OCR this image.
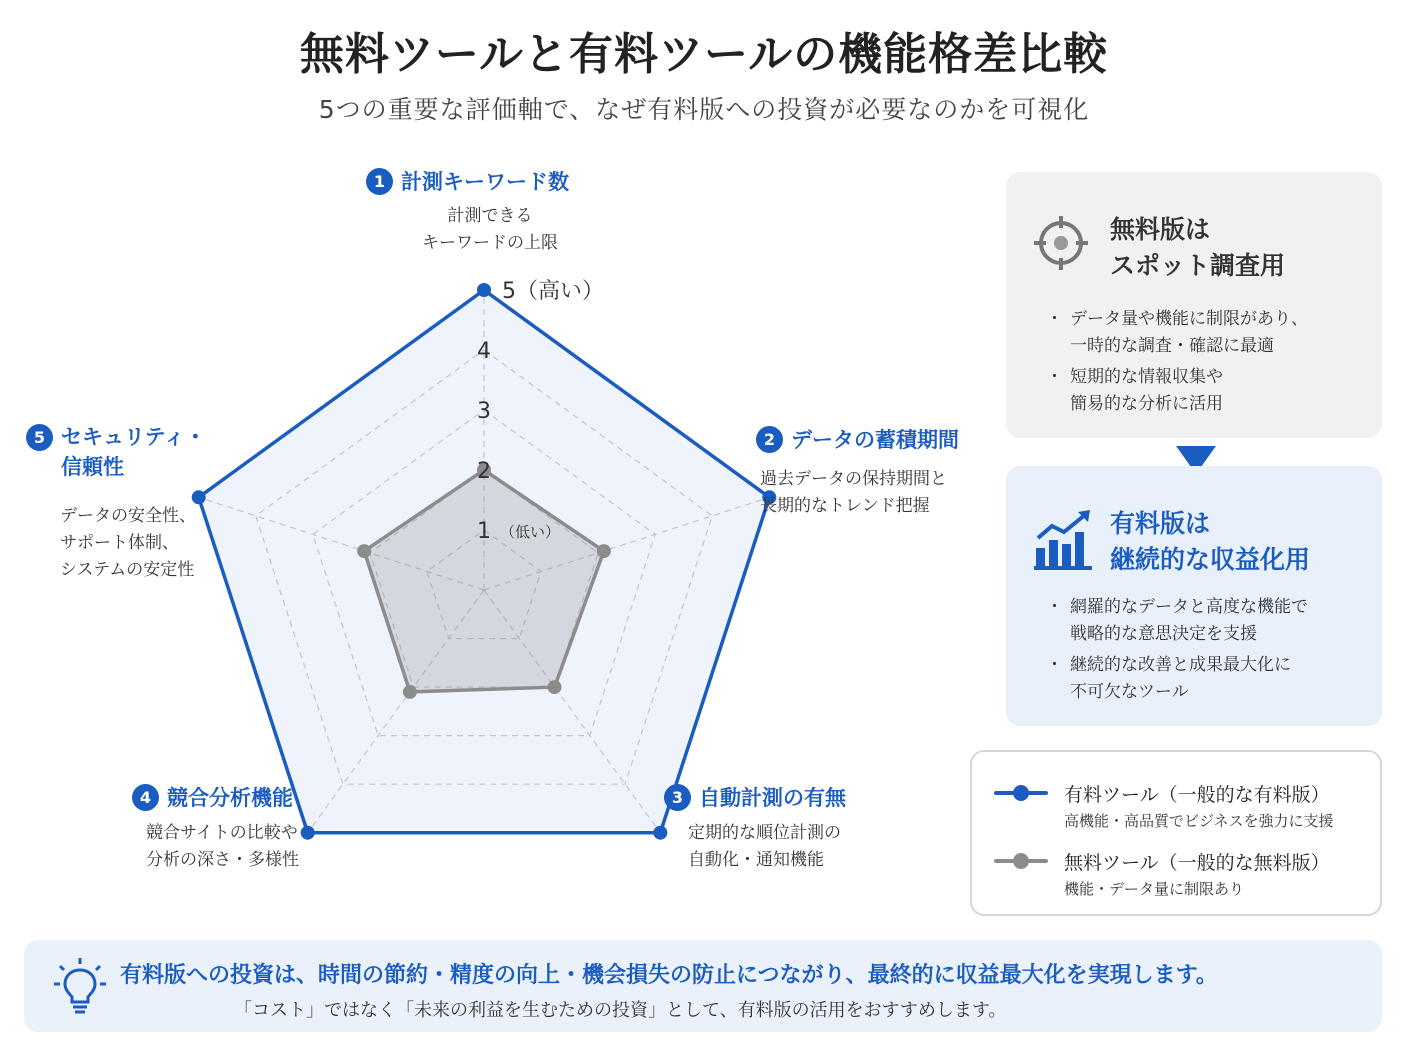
無料ツールと有料ツールの機能格差比較
5つの重要な評価軸で、なぜ有料版への投資が必要なのかを可視化
1 （低い）
2
3
4
5（高い）
1 計測キーワード数
計測できる
キーワードの上限
2 データの蓄積期間
過去データの保持期間と
長期的なトレンド把握
3 自動計測の有無
定期的な順位計測の
自動化・通知機能
4 競合分析機能
競合サイトの比較や
分析の深さ・多様性
5 セキュリティ・
信頼性
データの安全性、
サポート体制、
システムの安定性
無料版は
スポット調査用
・ データ量や機能に制限があり、
一時的な調査・確認に最適
・ 短期的な情報収集や
簡易的な分析に活用
有料版は
継続的な収益化用
・ 網羅的なデータと高度な機能で
戦略的な意思決定を支援
・ 継続的な改善と成果最大化に
不可欠なツール
有料ツール（一般的な有料版）
高機能・高品質でビジネスを強力に支援
無料ツール（一般的な無料版）
機能・データ量に制限あり
有料版への投資は、時間の節約・精度の向上・機会損失の防止につながり、最終的に収益最大化を実現します。
「コスト」ではなく「未来の利益を生むための投資」として、有料版の活用をおすすめします。
